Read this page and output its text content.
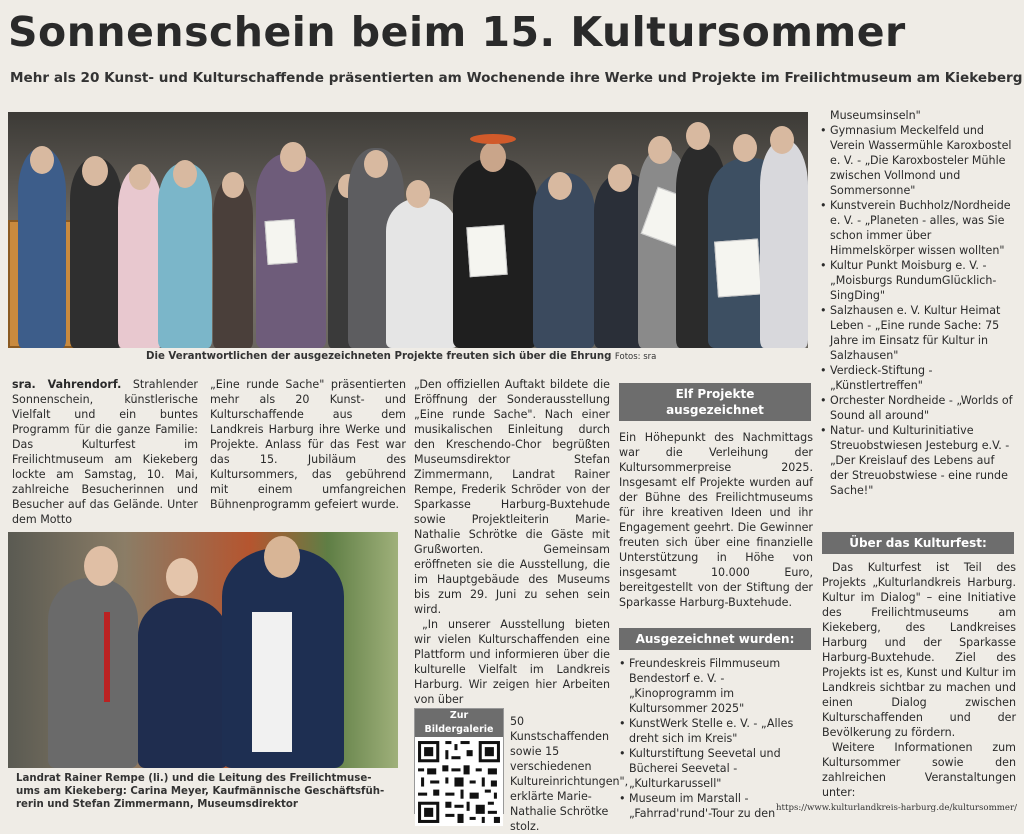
Sonnenschein beim 15. Kultursommer
Mehr als 20 Kunst- und Kulturschaffende präsentierten am Wochenende ihre Werke und Projekte im Freilichtmuseum am Kiekeberg
Die Verantwortlichen der ausgezeichneten Projekte freuten sich über die Ehrung Fotos: sra

sra. Vahrendorf. Strahlender Sonnenschein, künstlerische Vielfalt und ein buntes Programm für die ganze Familie: Das Kulturfest im Freilichtmuseum am Kiekeberg lockte am Samstag, 10. Mai, zahlreiche Besucherinnen und Besucher auf das Gelände. Unter dem Motto

„Eine runde Sache" präsentierten mehr als 20 Kunst- und Kulturschaffende aus dem Landkreis Harburg ihre Werke und Projekte. Anlass für das Fest war das 15. Jubiläum des Kultursommers, das gebührend mit einem umfangreichen Bühnenprogramm gefeiert wurde.

Landrat Rainer Rempe (li.) und die Leitung des Freilichtmuse-
ums am Kiekeberg: Carina Meyer, Kaufmännische Geschäftsfüh-
rerin und Stefan Zimmermann, Museumsdirektor

„Den offiziellen Auftakt bildete die Eröffnung der Sonderausstellung „Eine runde Sache". Nach einer musikalischen Einleitung durch den Kreschendo-Chor begrüßten Museumsdirektor Stefan Zimmermann, Landrat Rainer Rempe, Frederik Schröder von der Sparkasse Harburg-Buxtehude sowie Projektleiterin Marie-Nathalie Schrötke die Gäste mit Grußworten. Gemeinsam eröffneten sie die Ausstellung, die im Hauptgebäude des Museums bis zum 29. Juni zu sehen sein wird.

„In unserer Ausstellung bieten wir vielen Kulturschaffenden eine Plattform und informieren über die kulturelle Vielfalt im Landkreis Harburg. Wir zeigen hier Arbeiten von über

50 Kunstschaffenden sowie 15 verschiedenen Kultureinrichtungen", erklärte Marie-Nathalie Schrötke stolz.

Zur Bildergalerie
Elf Projekte
ausgezeichnet

Ein Höhepunkt des Nachmittags war die Verleihung der Kultursommerpreise 2025. Insgesamt elf Projekte wurden auf der Bühne des Freilichtmuseums für ihre kreativen Ideen und ihr Engagement geehrt. Die Gewinner freuten sich über eine finanzielle Unterstützung in Höhe von insgesamt 10.000 Euro, bereitgestellt von der Stiftung der Sparkasse Harburg-Buxtehude.

Ausgezeichnet wurden:
• Freundeskreis Filmmuseum Bendestorf e. V. - „Kinoprogramm im Kultursommer 2025"
• KunstWerk Stelle e. V. - „Alles dreht sich im Kreis"
• Kulturstiftung Seevetal und Bücherei Seevetal - „Kulturkarussell"
• Museum im Marstall - „Fahrrad'rund'-Tour zu den
Museumsinseln"
• Gymnasium Meckelfeld und Verein Wassermühle Karoxbostel e. V. - „Die Karoxbosteler Mühle zwischen Vollmond und Sommersonne"
• Kunstverein Buchholz/Nordheide e. V. - „Planeten - alles, was Sie schon immer über Himmelskörper wissen wollten"
• Kultur Punkt Moisburg e. V. - „Moisburgs RundumGlücklich-SingDing"
• Salzhausen e. V. Kultur Heimat Leben - „Eine runde Sache: 75 Jahre im Einsatz für Kultur in Salzhausen"
• Verdieck-Stiftung - „Künstlertreffen"
• Orchester Nordheide - „Worlds of Sound all around"
• Natur- und Kulturinitiative Streuobstwiesen Jesteburg e.V. - „Der Kreislauf des Lebens auf der Streuobstwiese - eine runde Sache!"
Über das Kulturfest:

Das Kulturfest ist Teil des Projekts „Kulturlandkreis Harburg. Kultur im Dialog" – eine Initiative des Freilichtmuseums am Kiekeberg, des Landkreises Harburg und der Sparkasse Harburg-Buxtehude. Ziel des Projekts ist es, Kunst und Kultur im Landkreis sichtbar zu machen und einen Dialog zwischen Kulturschaffenden und der Bevölkerung zu fördern.

Weitere Informationen zum Kultursommer sowie den zahlreichen Veranstaltungen unter:

https://www.kulturlandkreis-harburg.de/kultursommer/
